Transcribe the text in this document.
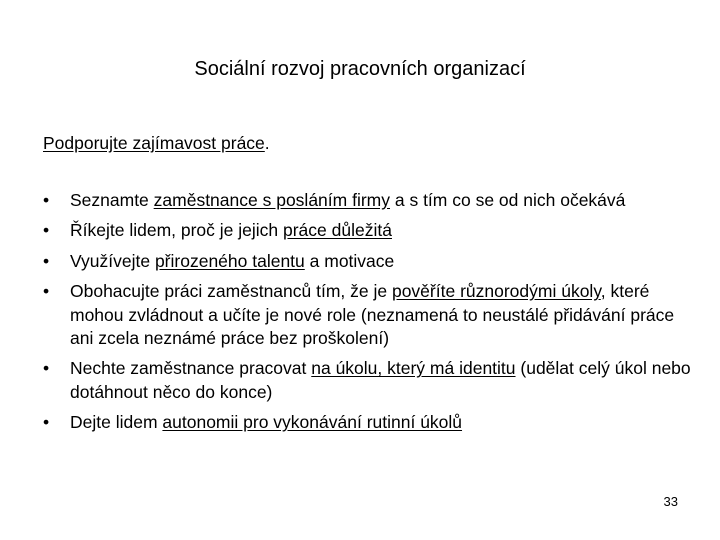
Sociální rozvoj pracovních organizací
Podporujte zajímavost práce.
• Seznamte zaměstnance s posláním firmy a s tím co se od nich očekává
• Říkejte lidem, proč je jejich práce důležitá
• Využívejte přirozeného talentu a motivace
• Obohacujte práci zaměstnanců tím, že je pověříte různorodými úkoly, které mohou zvládnout a učíte je nové role (neznamená to neustálé přidávání práce ani zcela neznámé práce bez proškolení)
• Nechte zaměstnance pracovat na úkolu, který má identitu (udělat celý úkol nebo dotáhnout něco do konce)
• Dejte lidem autonomii pro vykonávání rutinní úkolů
33
